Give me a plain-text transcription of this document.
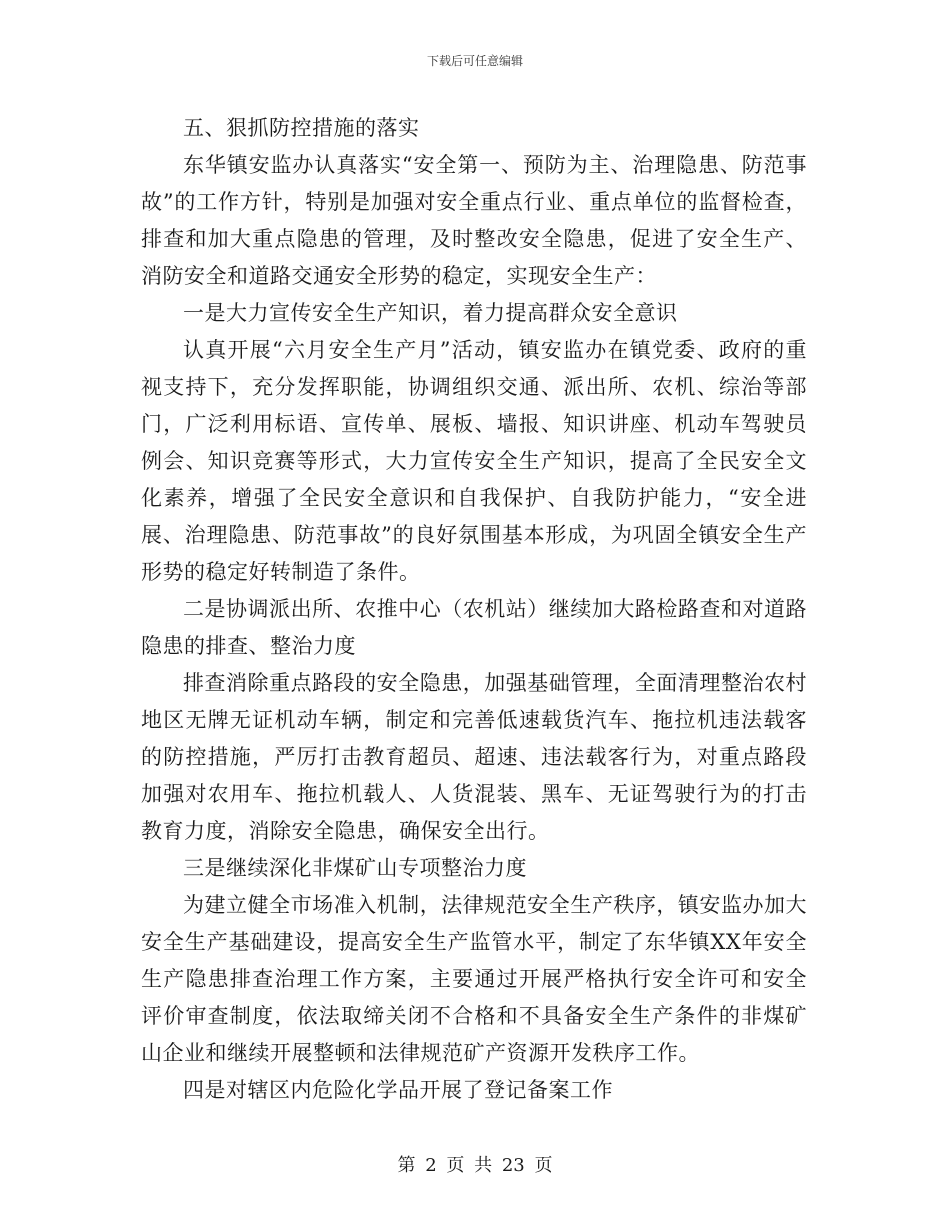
下载后可任意编辑

五、狠抓防控措施的落实

东华镇安监办认真落实“安全第一、预防为主、治理隐患、防范事故”的工作方针，特别是加强对安全重点行业、重点单位的监督检查，排查和加大重点隐患的管理，及时整改安全隐患，促进了安全生产、消防安全和道路交通安全形势的稳定，实现安全生产：

一是大力宣传安全生产知识，着力提高群众安全意识

认真开展“六月安全生产月”活动，镇安监办在镇党委、政府的重视支持下，充分发挥职能，协调组织交通、派出所、农机、综治等部门，广泛利用标语、宣传单、展板、墙报、知识讲座、机动车驾驶员例会、知识竞赛等形式，大力宣传安全生产知识，提高了全民安全文化素养，增强了全民安全意识和自我保护、自我防护能力，“安全进展、治理隐患、防范事故”的良好氛围基本形成，为巩固全镇安全生产形势的稳定好转制造了条件。

二是协调派出所、农推中心（农机站）继续加大路检路查和对道路隐患的排查、整治力度

排查消除重点路段的安全隐患，加强基础管理，全面清理整治农村地区无牌无证机动车辆，制定和完善低速载货汽车、拖拉机违法载客的防控措施，严厉打击教育超员、超速、违法载客行为，对重点路段加强对农用车、拖拉机载人、人货混装、黑车、无证驾驶行为的打击教育力度，消除安全隐患，确保安全出行。

三是继续深化非煤矿山专项整治力度

为建立健全市场准入机制，法律规范安全生产秩序，镇安监办加大安全生产基础建设，提高安全生产监管水平，制定了东华镇XX年安全生产隐患排查治理工作方案，主要通过开展严格执行安全许可和安全评价审查制度，依法取缔关闭不合格和不具备安全生产条件的非煤矿山企业和继续开展整顿和法律规范矿产资源开发秩序工作。

四是对辖区内危险化学品开展了登记备案工作

第 2 页 共 23 页
